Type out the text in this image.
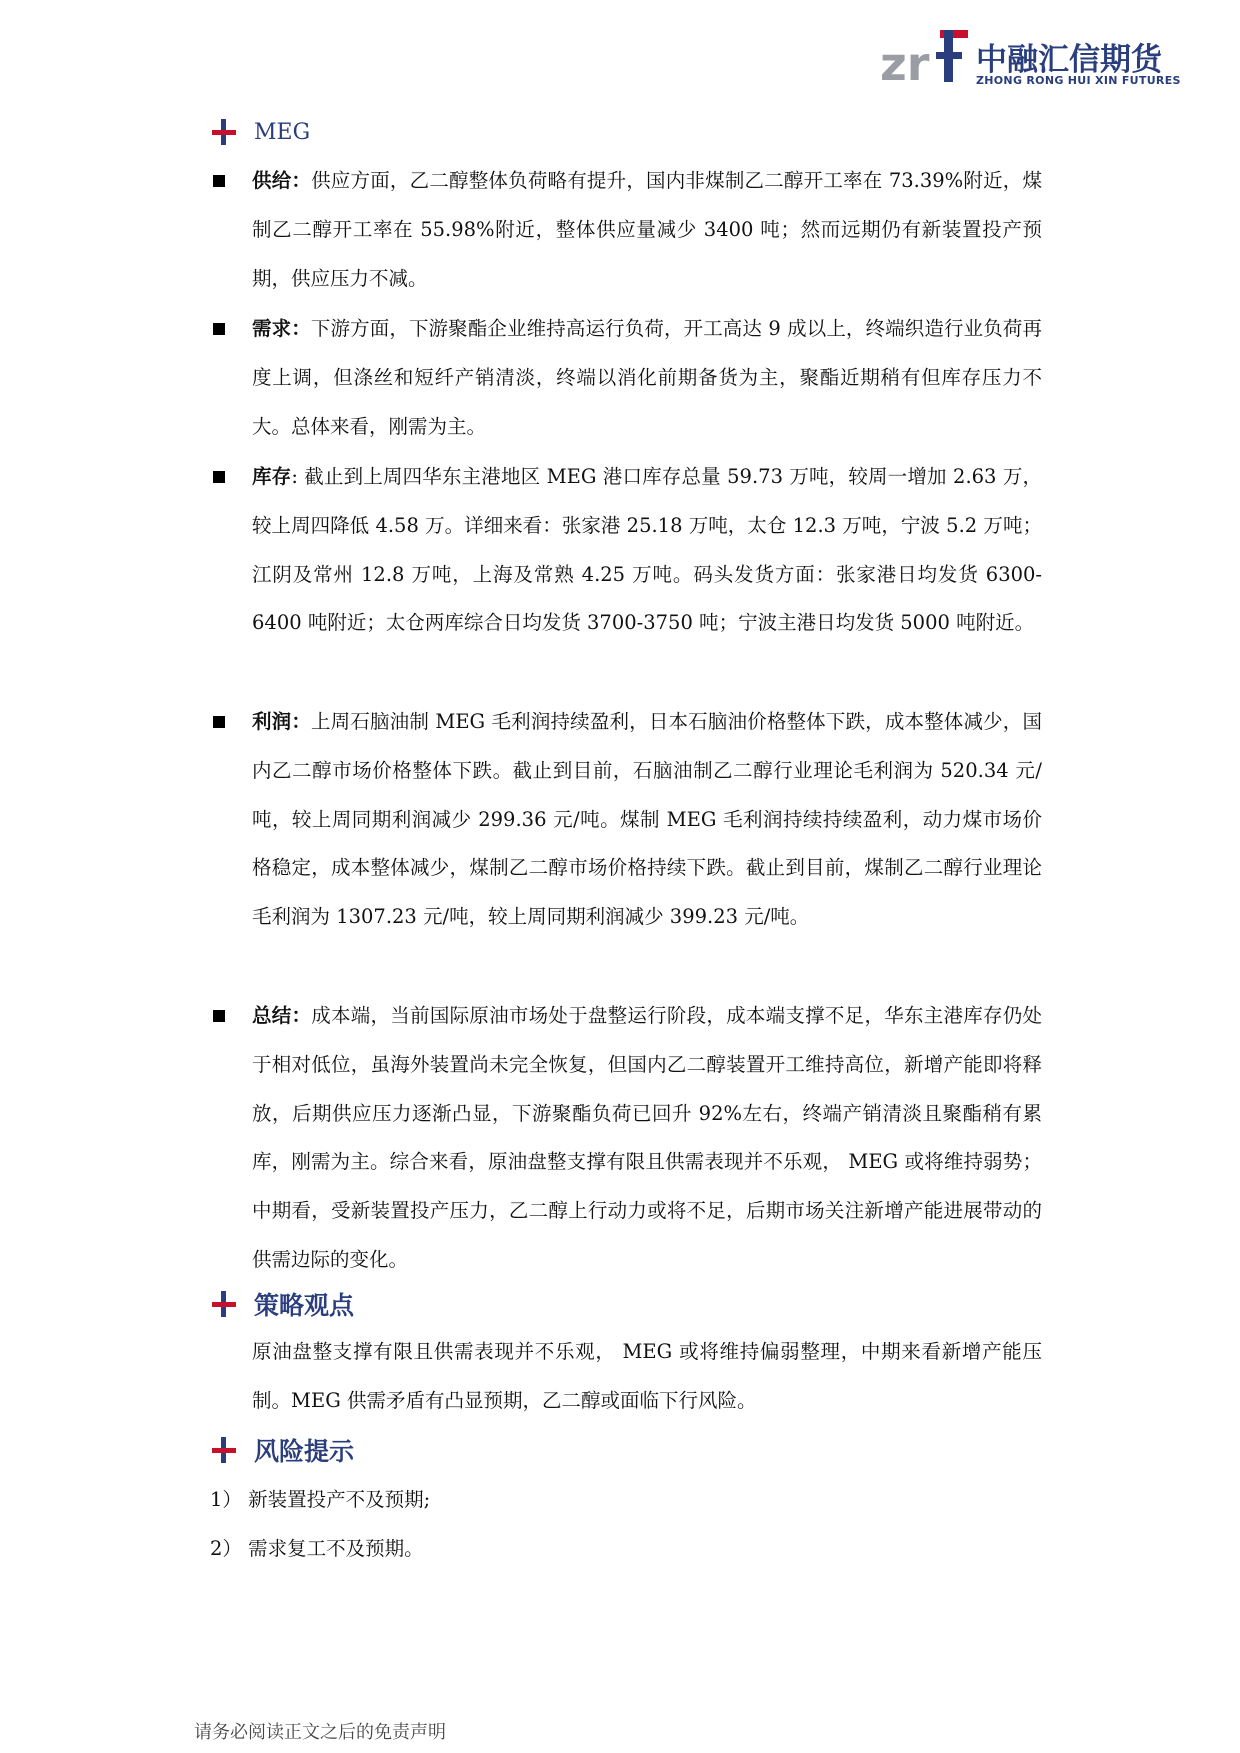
zr 中融汇信期货
ZHONG RONG HUI XIN FUTURES
MEG
供给：供应方面，乙二醇整体负荷略有提升，国内非煤制乙二醇开工率在 73.39%附近，煤制乙二醇开工率在 55.98%附近，整体供应量减少 3400 吨；然而远期仍有新装置投产预期，供应压力不减。
需求：下游方面，下游聚酯企业维持高运行负荷，开工高达 9 成以上，终端织造行业负荷再度上调，但涤丝和短纤产销清淡，终端以消化前期备货为主，聚酯近期稍有但库存压力不大。总体来看，刚需为主。
库存: 截止到上周四华东主港地区 MEG 港口库存总量 59.73 万吨，较周一增加 2.63 万，较上周四降低 4.58 万。详细来看：张家港 25.18 万吨，太仓 12.3 万吨，宁波 5.2 万吨；江阴及常州 12.8 万吨，上海及常熟 4.25 万吨。码头发货方面：张家港日均发货 6300-6400 吨附近；太仓两库综合日均发货 3700-3750 吨；宁波主港日均发货 5000 吨附近。
利润：上周石脑油制 MEG 毛利润持续盈利，日本石脑油价格整体下跌，成本整体减少，国内乙二醇市场价格整体下跌。截止到目前，石脑油制乙二醇行业理论毛利润为 520.34 元/吨，较上周同期利润减少 299.36 元/吨。煤制 MEG 毛利润持续持续盈利，动力煤市场价格稳定，成本整体减少，煤制乙二醇市场价格持续下跌。截止到目前，煤制乙二醇行业理论毛利润为 1307.23 元/吨，较上周同期利润减少 399.23 元/吨。
总结：成本端，当前国际原油市场处于盘整运行阶段，成本端支撑不足，华东主港库存仍处于相对低位，虽海外装置尚未完全恢复，但国内乙二醇装置开工维持高位，新增产能即将释放，后期供应压力逐渐凸显，下游聚酯负荷已回升 92%左右，终端产销清淡且聚酯稍有累库，刚需为主。综合来看，原油盘整支撑有限且供需表现并不乐观， MEG 或将维持弱势；中期看，受新装置投产压力，乙二醇上行动力或将不足，后期市场关注新增产能进展带动的供需边际的变化。
策略观点
原油盘整支撑有限且供需表现并不乐观， MEG 或将维持偏弱整理，中期来看新增产能压制。MEG 供需矛盾有凸显预期，乙二醇或面临下行风险。
风险提示
1） 新装置投产不及预期;
2） 需求复工不及预期。
请务必阅读正文之后的免责声明
